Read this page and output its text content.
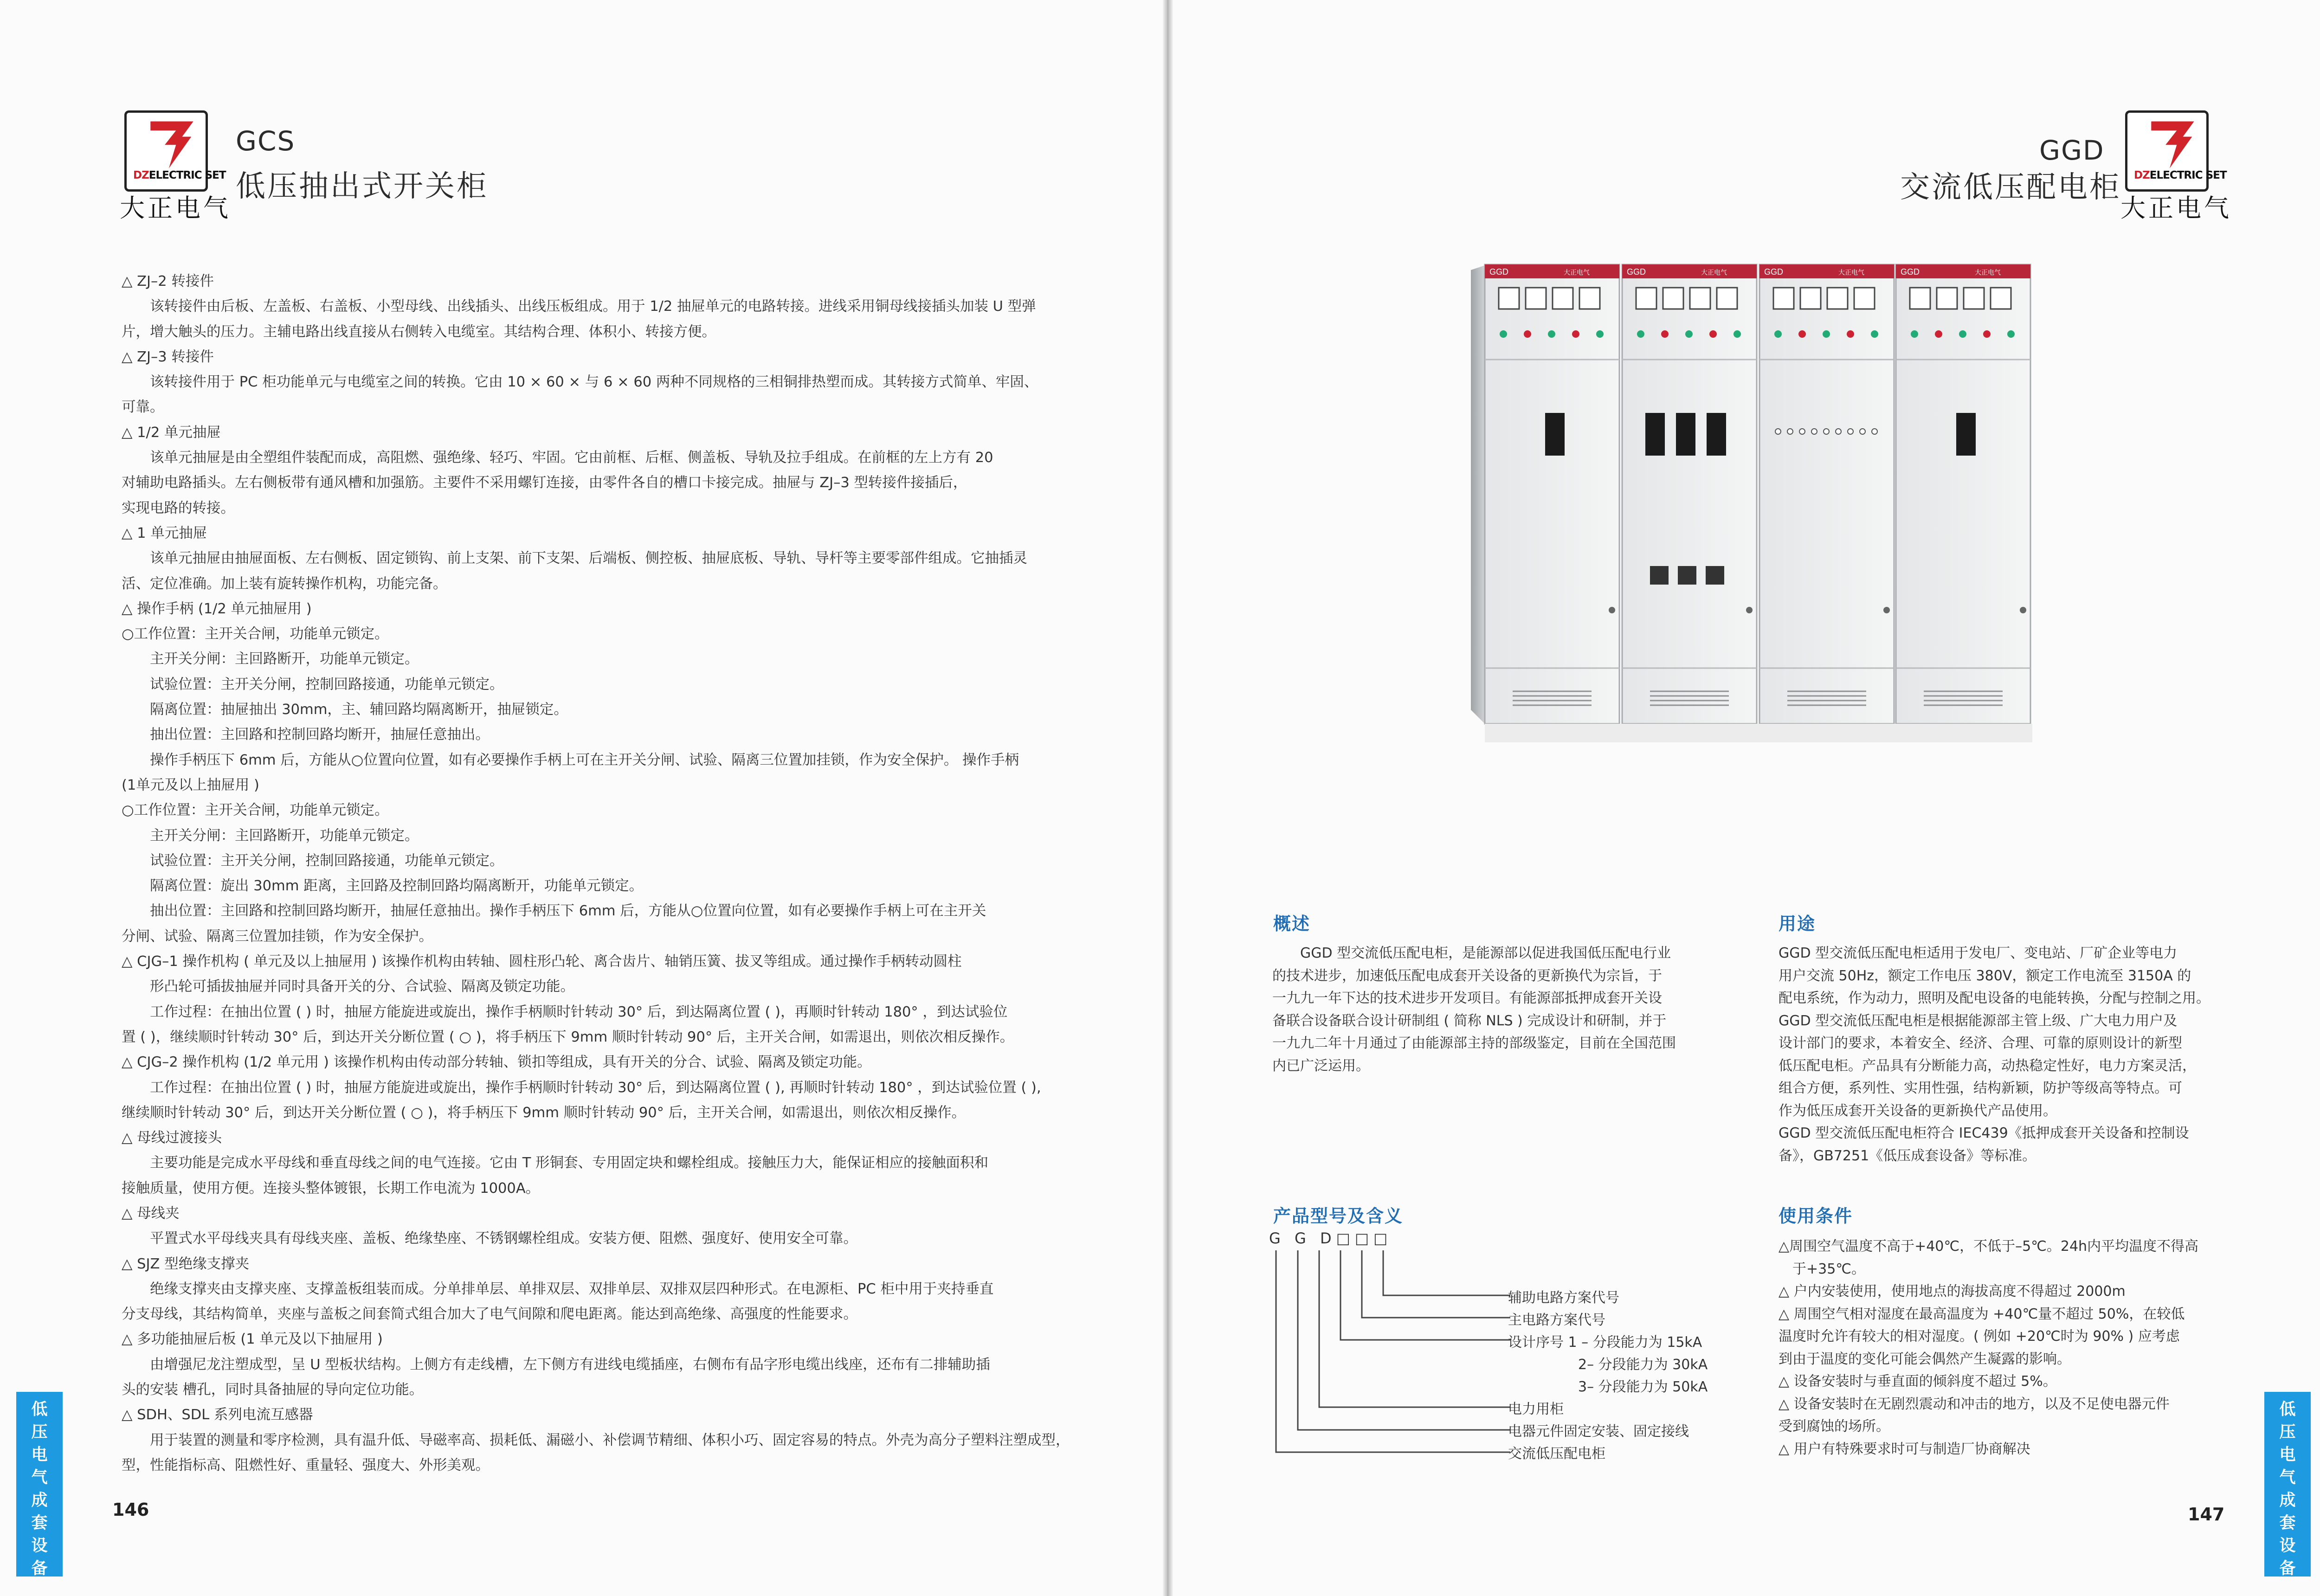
DZELECTRIC SET
大正电气
GCS
低压抽出式开关柜
△ ZJ–2 转接件
　　该转接件由后板、左盖板、右盖板、小型母线、出线插头、出线压板组成。用于 1/2 抽屉单元的电路转接。进线采用铜母线接插头加装 U 型弹
片，增大触头的压力。主辅电路出线直接从右侧转入电缆室。其结构合理、体积小、转接方便。
△ ZJ–3 转接件
　　该转接件用于 PC 柜功能单元与电缆室之间的转换。它由 10 × 60 × 与 6 × 60 两种不同规格的三相铜排热塑而成。其转接方式简单、牢固、
可靠。
△ 1/2 单元抽屉
　　该单元抽屉是由全塑组件装配而成，高阻燃、强绝缘、轻巧、牢固。它由前框、后框、侧盖板、导轨及拉手组成。在前框的左上方有 20
对辅助电路插头。左右侧板带有通风槽和加强筋。主要件不采用螺钉连接，由零件各自的槽口卡接完成。抽屉与 ZJ–3 型转接件接插后，
实现电路的转接。
△ 1 单元抽屉
　　该单元抽屉由抽屉面板、左右侧板、固定锁钩、前上支架、前下支架、后端板、侧控板、抽屉底板、导轨、导杆等主要零部件组成。它抽插灵
活、定位准确。加上装有旋转操作机构，功能完备。
△ 操作手柄 (1/2 单元抽屉用 )
○工作位置：主开关合闸，功能单元锁定。
　　主开关分闸：主回路断开，功能单元锁定。
　　试验位置：主开关分闸，控制回路接通，功能单元锁定。
　　隔离位置：抽屉抽出 30mm，主、辅回路均隔离断开，抽屉锁定。
　　抽出位置：主回路和控制回路均断开，抽屉任意抽出。
　　操作手柄压下 6mm 后，方能从○位置向位置，如有必要操作手柄上可在主开关分闸、试验、隔离三位置加挂锁，作为安全保护。 操作手柄
(1单元及以上抽屉用 )
○工作位置：主开关合闸，功能单元锁定。
　　主开关分闸：主回路断开，功能单元锁定。
　　试验位置：主开关分闸，控制回路接通，功能单元锁定。
　　隔离位置：旋出 30mm 距离，主回路及控制回路均隔离断开，功能单元锁定。
　　抽出位置：主回路和控制回路均断开，抽屉任意抽出。操作手柄压下 6mm 后，方能从○位置向位置，如有必要操作手柄上可在主开关
分闸、试验、隔离三位置加挂锁，作为安全保护。
△ CJG–1 操作机构 ( 单元及以上抽屉用 ) 该操作机构由转轴、圆柱形凸轮、离合齿片、轴销压簧、拔叉等组成。通过操作手柄转动圆柱
　　形凸轮可插拔抽屉并同时具备开关的分、合试验、隔离及锁定功能。
　　工作过程：在抽出位置 ( ) 时，抽屉方能旋进或旋出，操作手柄顺时针转动 30° 后，到达隔离位置 ( )，再顺时针转动 180° ，到达试验位
置 ( )，继续顺时针转动 30° 后，到达开关分断位置 ( ○ )，将手柄压下 9mm 顺时针转动 90° 后，主开关合闸，如需退出，则依次相反操作。
△ CJG–2 操作机构 (1/2 单元用 ) 该操作机构由传动部分转轴、锁扣等组成，具有开关的分合、试验、隔离及锁定功能。
　　工作过程：在抽出位置 ( ) 时，抽屉方能旋进或旋出，操作手柄顺时针转动 30° 后，到达隔离位置 ( ), 再顺时针转动 180° ，到达试验位置 ( ),
继续顺时针转动 30° 后，到达开关分断位置 ( ○ )，将手柄压下 9mm 顺时针转动 90° 后，主开关合闸，如需退出，则依次相反操作。
△ 母线过渡接头
　　主要功能是完成水平母线和垂直母线之间的电气连接。它由 T 形铜套、专用固定块和螺栓组成。接触压力大，能保证相应的接触面积和
接触质量，使用方便。连接头整体镀银，长期工作电流为 1000A。
△ 母线夹
　　平置式水平母线夹具有母线夹座、盖板、绝缘垫座、不锈钢螺栓组成。安装方便、阻燃、强度好、使用安全可靠。
△ SJZ 型绝缘支撑夹
　　绝缘支撑夹由支撑夹座、支撑盖板组装而成。分单排单层、单排双层、双排单层、双排双层四种形式。在电源柜、PC 柜中用于夹持垂直
分支母线，其结构简单，夹座与盖板之间套简式组合加大了电气间隙和爬电距离。能达到高绝缘、高强度的性能要求。
△ 多功能抽屉后板 (1 单元及以下抽屉用 )
　　由增强尼龙注塑成型，呈 U 型板状结构。上侧方有走线槽，左下侧方有进线电缆插座，右侧布有品字形电缆出线座，还布有二排辅助插
头的安装 槽孔，同时具备抽屉的导向定位功能。
△ SDH、SDL 系列电流互感器
　　用于装置的测量和零序检测，具有温升低、导磁率高、损耗低、漏磁小、补偿调节精细、体积小巧、固定容易的特点。外壳为高分子塑料注塑成型，
型，性能指标高、阻燃性好、重量轻、强度大、外形美观。
低
压
电
气
成
套
设
备
146
GGD
交流低压配电柜 DZELECTRIC SET
大正电气
GGD	大正电气	GGD	大正电气	GGD	大正电气	GGD	大正电气
概述
　　GGD 型交流低压配电柜，是能源部以促进我国低压配电行业
的技术进步，加速低压配电成套开关设备的更新换代为宗旨，于
一九九一年下达的技术进步开发项目。有能源部抵押成套开关设
备联合设备联合设计研制组 ( 简称 NLS ) 完成设计和研制，并于
一九九二年十月通过了由能源部主持的部级鉴定，目前在全国范围
内已广泛运用。
用途
GGD 型交流低压配电柜适用于发电厂、变电站、厂矿企业等电力
用户交流 50Hz，额定工作电压 380V，额定工作电流至 3150A 的
配电系统，作为动力，照明及配电设备的电能转换，分配与控制之用。
GGD 型交流低压配电柜是根据能源部主管上级、广大电力用户及
设计部门的要求，本着安全、经济、合理、可靠的原则设计的新型
低压配电柜。产品具有分断能力高，动热稳定性好，电力方案灵活，
组合方便，系列性、实用性强，结构新颖，防护等级高等特点。可
作为低压成套开关设备的更新换代产品使用。
GGD 型交流低压配电柜符合 IEC439《抵押成套开关设备和控制设
备》，GB7251《低压成套设备》等标准。
产品型号及含义
G G D□□□
辅助电路方案代号
主电路方案代号
设计序号 1 – 分段能力为 15kA
2– 分段能力为 30kA
3– 分段能力为 50kA
电力用柜
电器元件固定安装、固定接线
交流低压配电柜
使用条件
△周围空气温度不高于+40℃，不低于–5℃。24h内平均温度不得高
　于+35℃。
△ 户内安装使用，使用地点的海拔高度不得超过 2000m
△ 周围空气相对湿度在最高温度为 +40℃量不超过 50%，在较低
温度时允许有较大的相对湿度。( 例如 +20℃时为 90% ) 应考虑
到由于温度的变化可能会偶然产生凝露的影响。
△ 设备安装时与垂直面的倾斜度不超过 5%。
△ 设备安装时在无剧烈震动和冲击的地方，以及不足使电器元件
受到腐蚀的场所。
△ 用户有特殊要求时可与制造厂协商解决
147
低
压
电
气
成
套
设
备
